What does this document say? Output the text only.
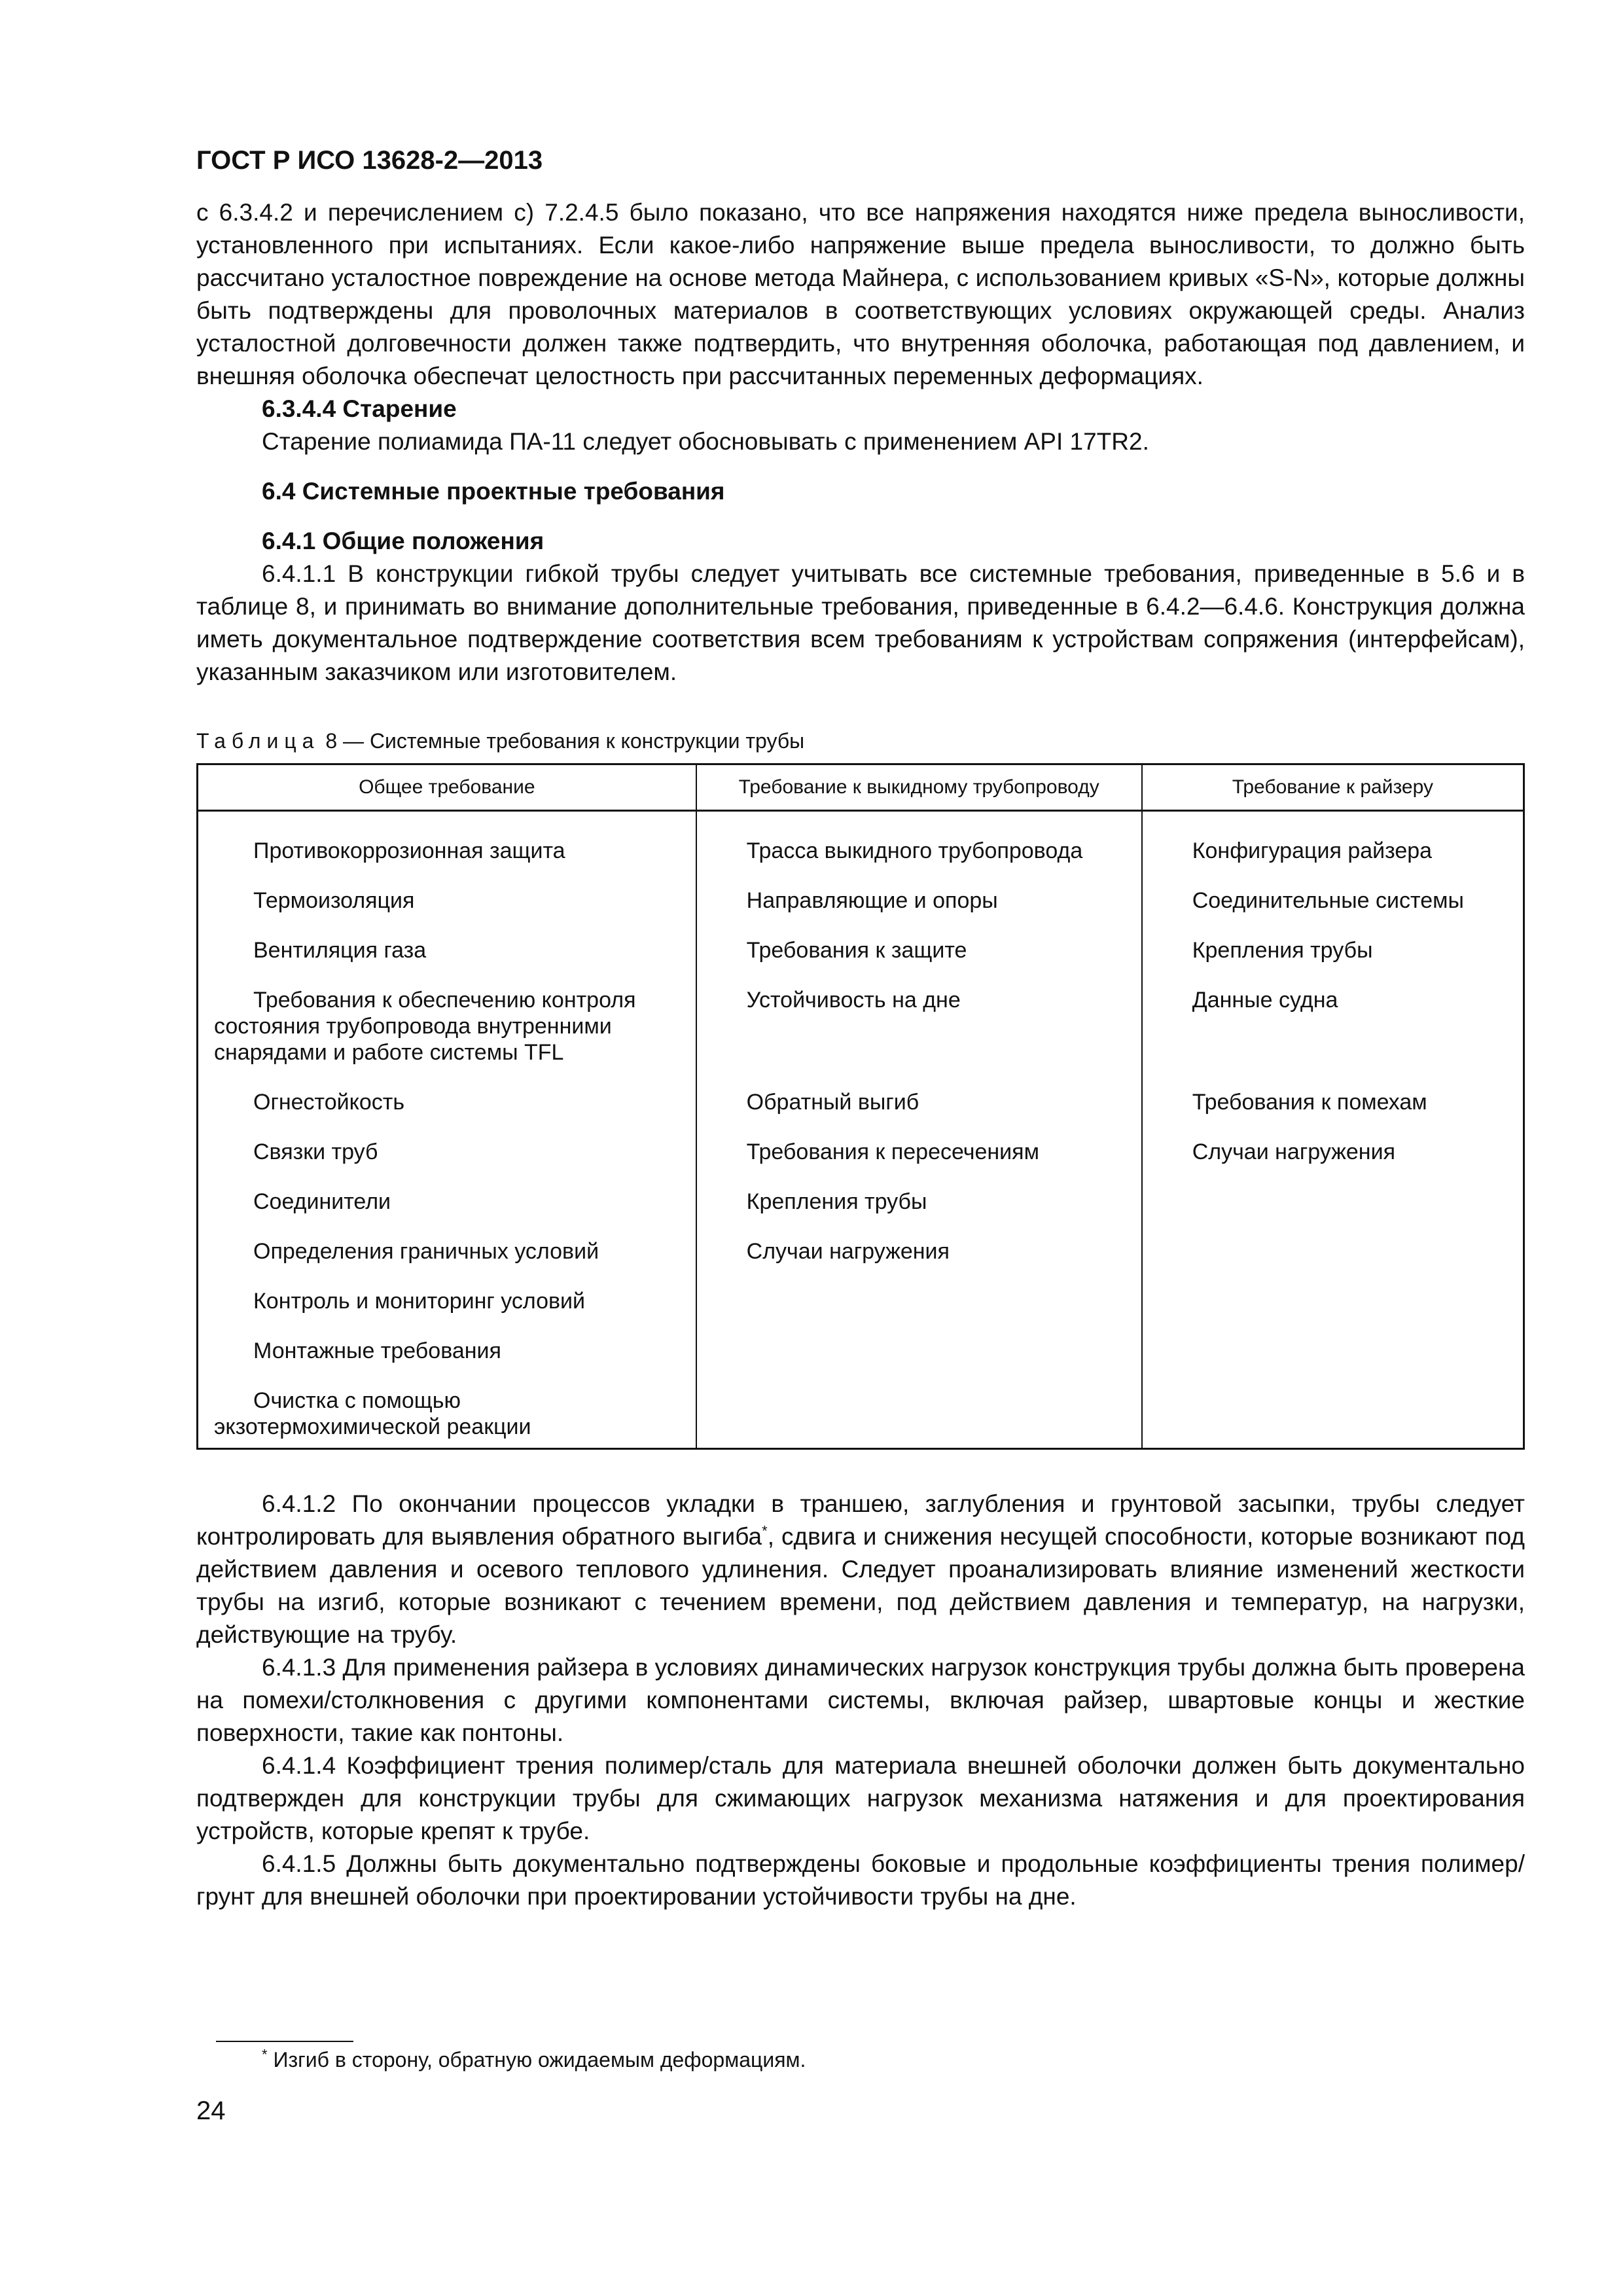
ГОСТ Р ИСО 13628-2—2013

с 6.3.4.2 и перечислением с) 7.2.4.5 было показано, что все напряжения находятся ниже предела выносливости, установленного при испытаниях. Если какое-либо напряжение выше предела выносливости, то должно быть рассчитано усталостное повреждение на основе метода Майнера, с использованием кривых «S-N», которые должны быть подтверждены для проволочных материалов в соответствующих условиях окружающей среды. Анализ усталостной долговечности должен также подтвердить, что внутренняя оболочка, работающая под давлением, и внешняя оболочка обеспечат целостность при рассчитанных переменных деформациях.

6.3.4.4 Старение

Старение полиамида ПА-11 следует обосновывать с применением API 17TR2.

6.4 Системные проектные требования
6.4.1 Общие положения

6.4.1.1 В конструкции гибкой трубы следует учитывать все системные требования, приведенные в 5.6 и в таблице 8, и принимать во внимание дополнительные требования, приведенные в 6.4.2—6.4.6. Конструкция должна иметь документальное подтверждение соответствия всем требованиям к устройствам сопряжения (интерфейсам), указанным заказчиком или изготовителем.

Таблица 8 — Системные требования к конструкции трубы
Общее требование	Требование к выкидному трубопроводу	Требование к райзеру
Противокоррозионная защита	Трасса выкидного трубопровода	Конфигурация райзера
Термоизоляция	Направляющие и опоры	Соединительные системы
Вентиляция газа	Требования к защите	Крепления трубы
Требования к обеспечению контроля состояния трубопровода внутренними снарядами и работе системы TFL	Устойчивость на дне	Данные судна
Огнестойкость	Обратный выгиб	Требования к помехам
Связки труб	Требования к пересечениям	Случаи нагружения
Соединители	Крепления трубы	
Определения граничных условий	Случаи нагружения	
Контроль и мониторинг условий		
Монтажные требования		
Очистка с помощью экзотермохимической реакции		

6.4.1.2 По окончании процессов укладки в траншею, заглубления и грунтовой засыпки, трубы следует контролировать для выявления обратного выгиба*, сдвига и снижения несущей способности, которые возникают под действием давления и осевого теплового удлинения. Следует проанализировать влияние изменений жесткости трубы на изгиб, которые возникают с течением времени, под действием давления и температур, на нагрузки, действующие на трубу.

6.4.1.3 Для применения райзера в условиях динамических нагрузок конструкция трубы должна быть проверена на помехи/столкновения с другими компонентами системы, включая райзер, швартовые концы и жесткие поверхности, такие как понтоны.

6.4.1.4 Коэффициент трения полимер/сталь для материала внешней оболочки должен быть документально подтвержден для конструкции трубы для сжимающих нагрузок механизма натяжения и для проектирования устройств, которые крепят к трубе.

6.4.1.5 Должны быть документально подтверждены боковые и продольные коэффициенты трения полимер/грунт для внешней оболочки при проектировании устойчивости трубы на дне.

* Изгиб в сторону, обратную ожидаемым деформациям.
24
